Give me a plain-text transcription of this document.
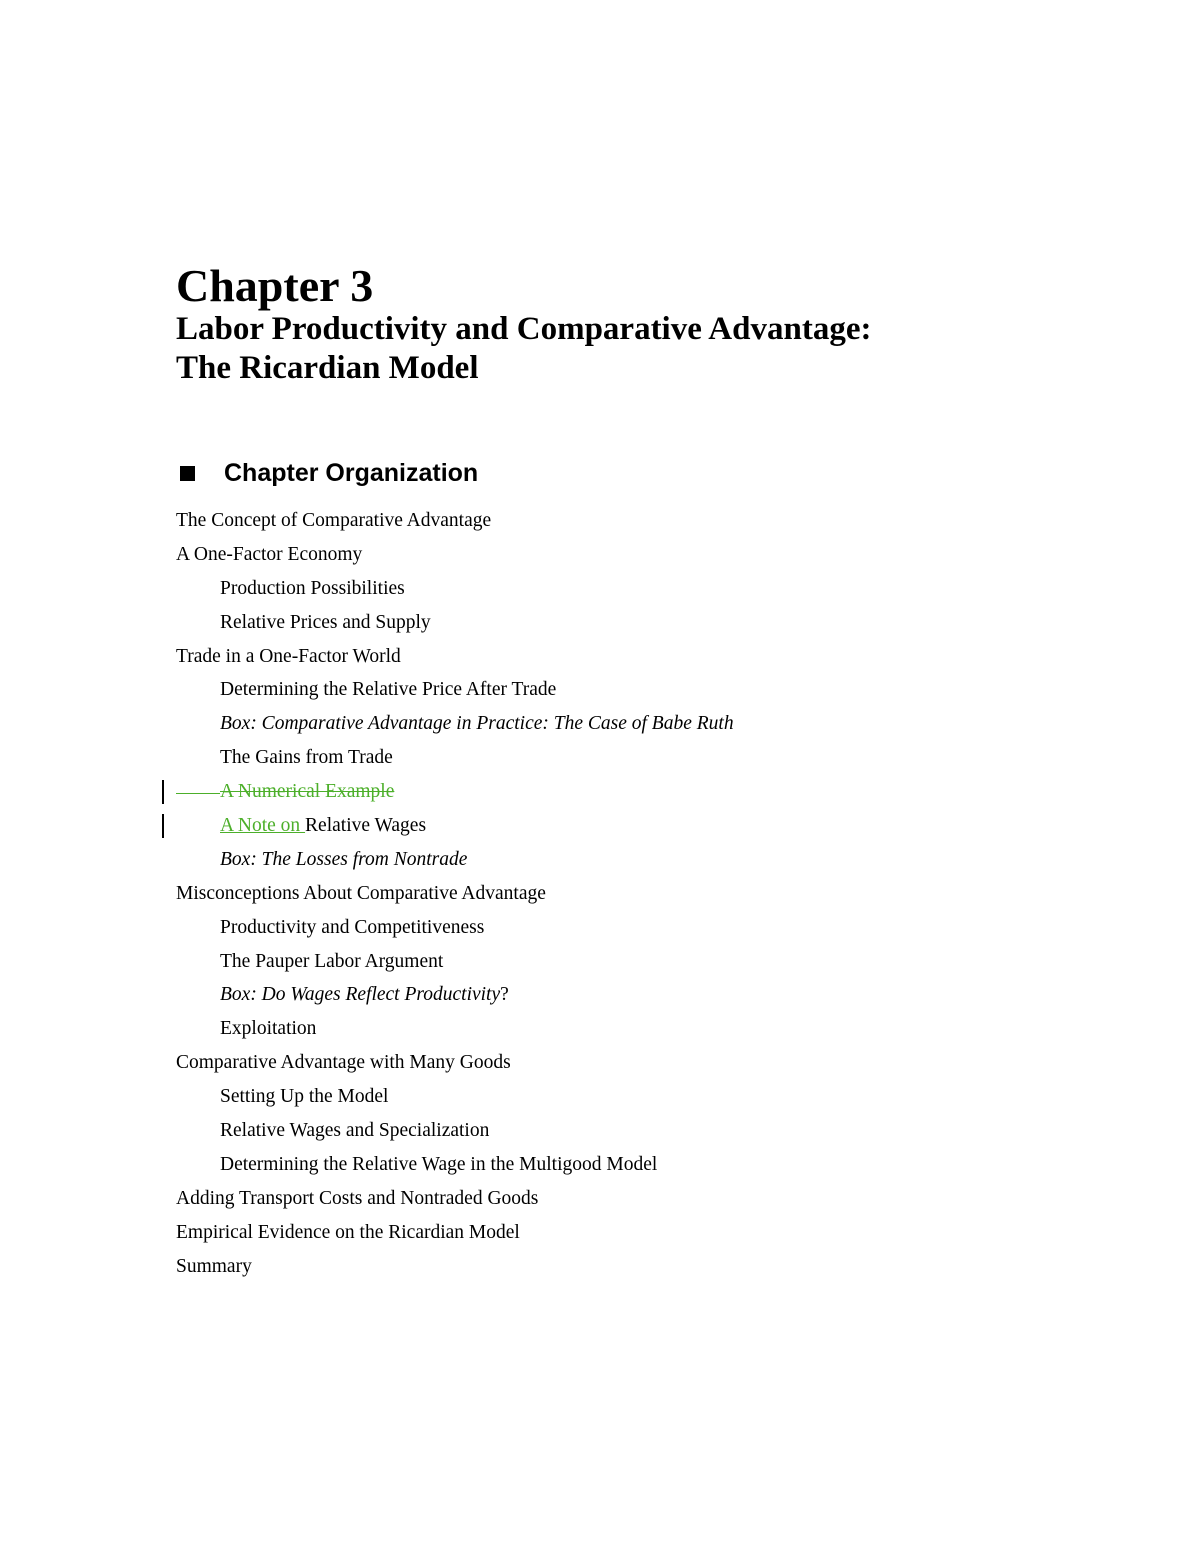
Chapter 3
Labor Productivity and Comparative Advantage:
The Ricardian Model
Chapter Organization
The Concept of Comparative Advantage
A One-Factor Economy
Production Possibilities
Relative Prices and Supply
Trade in a One-Factor World
Determining the Relative Price After Trade
Box: Comparative Advantage in Practice: The Case of Babe Ruth
The Gains from Trade
A Numerical Example
A Note on Relative Wages
Box: The Losses from Nontrade
Misconceptions About Comparative Advantage
Productivity and Competitiveness
The Pauper Labor Argument
Box: Do Wages Reflect Productivity?
Exploitation
Comparative Advantage with Many Goods
Setting Up the Model
Relative Wages and Specialization
Determining the Relative Wage in the Multigood Model
Adding Transport Costs and Nontraded Goods
Empirical Evidence on the Ricardian Model
Summary
